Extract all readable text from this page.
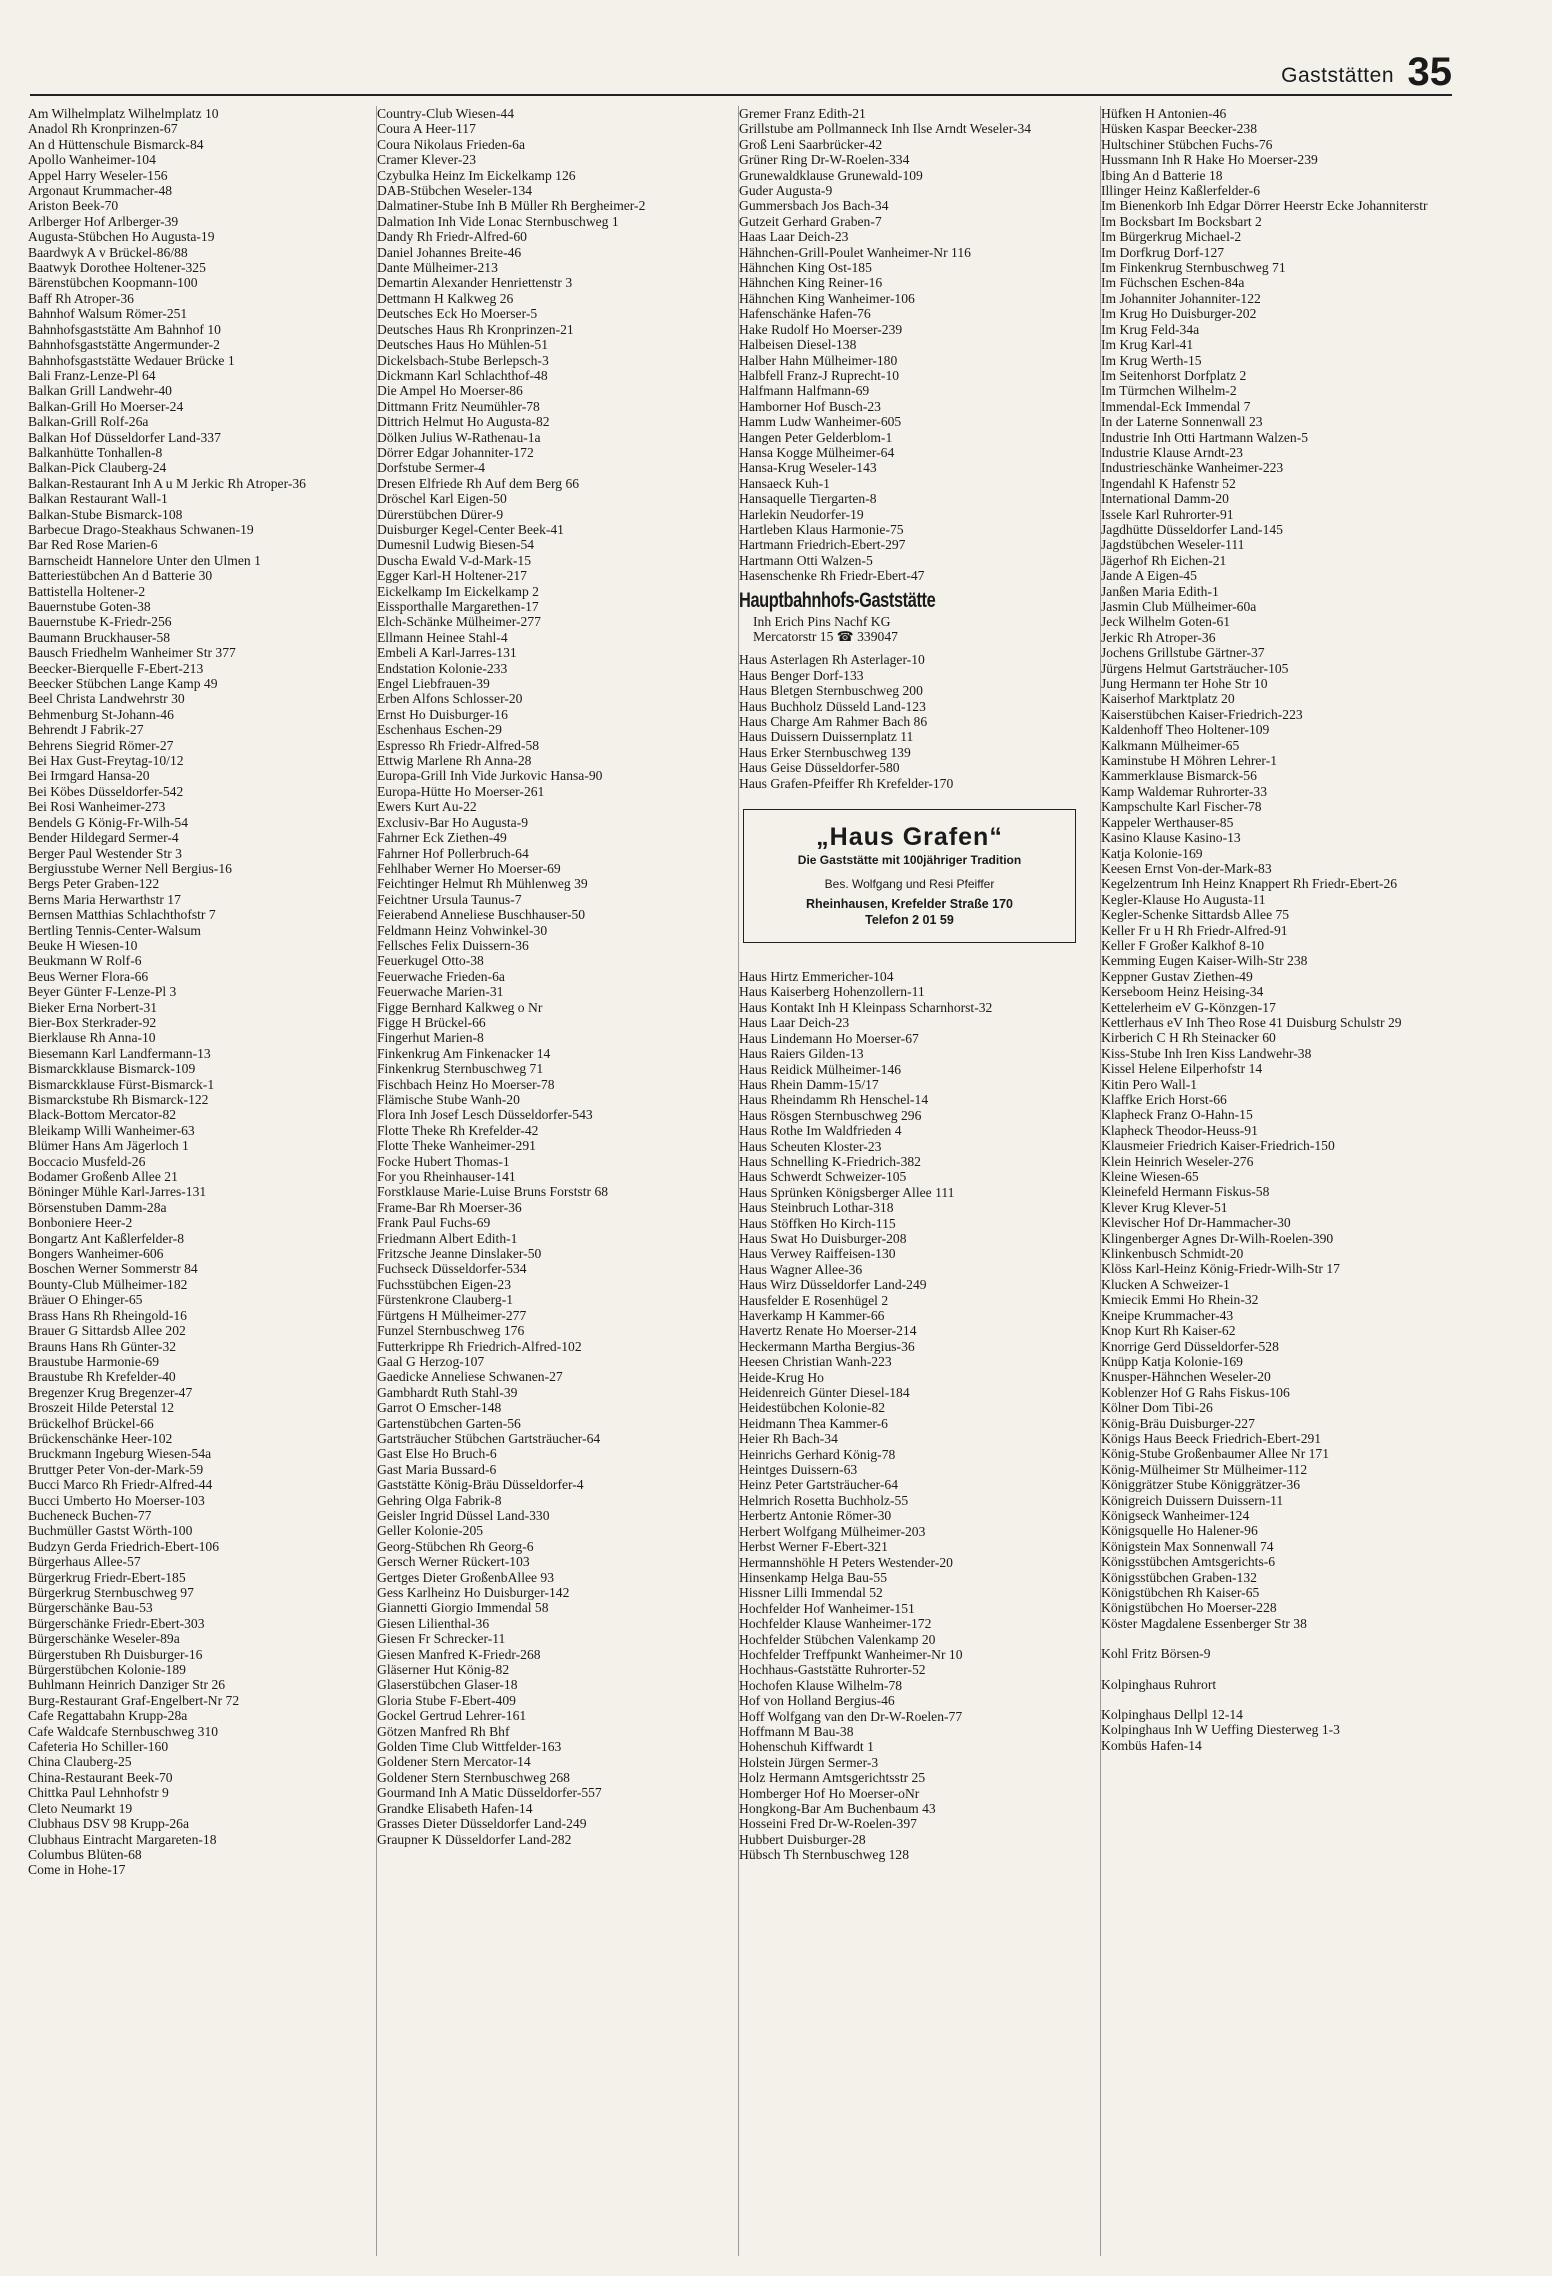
Gaststätten 35
Am Wilhelmplatz Wilhelmplatz 10
Anadol Rh Kronprinzen-67
An d Hüttenschule Bismarck-84
Apollo Wanheimer-104
Appel Harry Weseler-156
Argonaut Krummacher-48
Ariston Beek-70
Arlberger Hof Arlberger-39
Augusta-Stübchen Ho Augusta-19
Baardwyk A v Brückel-86/88
Baatwyk Dorothee Holtener-325
Bärenstübchen Koopmann-100
Baff Rh Atroper-36
Bahnhof Walsum Römer-251
Bahnhofsgaststätte Am Bahnhof 10
Bahnhofsgaststätte Angermunder-2
Bahnhofsgaststätte Wedauer Brücke 1
Bali Franz-Lenze-Pl 64
Balkan Grill Landwehr-40
Balkan-Grill Ho Moerser-24
Balkan-Grill Rolf-26a
Balkan Hof Düsseldorfer Land-337
Balkanhütte Tonhallen-8
Balkan-Pick Clauberg-24
Balkan-Restaurant Inh A u M Jerkic Rh Atroper-36
Balkan Restaurant Wall-1
Balkan-Stube Bismarck-108
Barbecue Drago-Steakhaus Schwanen-19
Bar Red Rose Marien-6
Barnscheidt Hannelore Unter den Ulmen 1
Batteriestübchen An d Batterie 30
Battistella Holtener-2
Bauernstube Goten-38
Bauernstube K-Friedr-256
Baumann Bruckhauser-58
Bausch Friedhelm Wanheimer Str 377
Beecker-Bierquelle F-Ebert-213
Beecker Stübchen Lange Kamp 49
Beel Christa Landwehrstr 30
Behmenburg St-Johann-46
Behrendt J Fabrik-27
Behrens Siegrid Römer-27
Bei Hax Gust-Freytag-10/12
Bei Irmgard Hansa-20
Bei Köbes Düsseldorfer-542
Bei Rosi Wanheimer-273
Bendels G König-Fr-Wilh-54
Bender Hildegard Sermer-4
Berger Paul Westender Str 3
Bergiusstube Werner Nell Bergius-16
Bergs Peter Graben-122
Berns Maria Herwarthstr 17
Bernsen Matthias Schlachthofstr 7
Bertling Tennis-Center-Walsum
Beuke H Wiesen-10
Beukmann W Rolf-6
Beus Werner Flora-66
Beyer Günter F-Lenze-Pl 3
Bieker Erna Norbert-31
Bier-Box Sterkrader-92
Bierklause Rh Anna-10
Biesemann Karl Landfermann-13
Bismarckklause Bismarck-109
Bismarckklause Fürst-Bismarck-1
Bismarckstube Rh Bismarck-122
Black-Bottom Mercator-82
Bleikamp Willi Wanheimer-63
Blümer Hans Am Jägerloch 1
Boccacio Musfeld-26
Bodamer Großenb Allee 21
Böninger Mühle Karl-Jarres-131
Börsenstuben Damm-28a
Bonboniere Heer-2
Bongartz Ant Kaßlerfelder-8
Bongers Wanheimer-606
Boschen Werner Sommerstr 84
Bounty-Club Mülheimer-182
Bräuer O Ehinger-65
Brass Hans Rh Rheingold-16
Brauer G Sittardsb Allee 202
Brauns Hans Rh Günter-32
Braustube Harmonie-69
Braustube Rh Krefelder-40
Bregenzer Krug Bregenzer-47
Broszeit Hilde Peterstal 12
Brückelhof Brückel-66
Brückenschänke Heer-102
Bruckmann Ingeburg Wiesen-54a
Bruttger Peter Von-der-Mark-59
Bucci Marco Rh Friedr-Alfred-44
Bucci Umberto Ho Moerser-103
Bucheneck Buchen-77
Buchmüller Gastst Wörth-100
Budzyn Gerda Friedrich-Ebert-106
Bürgerhaus Allee-57
Bürgerkrug Friedr-Ebert-185
Bürgerkrug Sternbuschweg 97
Bürgerschänke Bau-53
Bürgerschänke Friedr-Ebert-303
Bürgerschänke Weseler-89a
Bürgerstuben Rh Duisburger-16
Bürgerstübchen Kolonie-189
Buhlmann Heinrich Danziger Str 26
Burg-Restaurant Graf-Engelbert-Nr 72
Cafe Regattabahn Krupp-28a
Cafe Waldcafe Sternbuschweg 310
Cafeteria Ho Schiller-160
China Clauberg-25
China-Restaurant Beek-70
Chittka Paul Lehnhofstr 9
Cleto Neumarkt 19
Clubhaus DSV 98 Krupp-26a
Clubhaus Eintracht Margareten-18
Columbus Blüten-68
Come in Hohe-17
Country-Club Wiesen-44
Coura A Heer-117
Coura Nikolaus Frieden-6a
Cramer Klever-23
Czybulka Heinz Im Eickelkamp 126
DAB-Stübchen Weseler-134
Dalmatiner-Stube Inh B Müller Rh Bergheimer-2
Dalmation Inh Vide Lonac Sternbuschweg 1
Dandy Rh Friedr-Alfred-60
Daniel Johannes Breite-46
Dante Mülheimer-213
Demartin Alexander Henriettenstr 3
Dettmann H Kalkweg 26
Deutsches Eck Ho Moerser-5
Deutsches Haus Rh Kronprinzen-21
Deutsches Haus Ho Mühlen-51
Dickelsbach-Stube Berlepsch-3
Dickmann Karl Schlachthof-48
Die Ampel Ho Moerser-86
Dittmann Fritz Neumühler-78
Dittrich Helmut Ho Augusta-82
Dölken Julius W-Rathenau-1a
Dörrer Edgar Johanniter-172
Dorfstube Sermer-4
Dresen Elfriede Rh Auf dem Berg 66
Dröschel Karl Eigen-50
Dürerstübchen Dürer-9
Duisburger Kegel-Center Beek-41
Dumesnil Ludwig Biesen-54
Duscha Ewald V-d-Mark-15
Egger Karl-H Holtener-217
Eickelkamp Im Eickelkamp 2
Eissporthalle Margarethen-17
Elch-Schänke Mülheimer-277
Ellmann Heinee Stahl-4
Embeli A Karl-Jarres-131
Endstation Kolonie-233
Engel Liebfrauen-39
Erben Alfons Schlosser-20
Ernst Ho Duisburger-16
Eschenhaus Eschen-29
Espresso Rh Friedr-Alfred-58
Ettwig Marlene Rh Anna-28
Europa-Grill Inh Vide Jurkovic Hansa-90
Europa-Hütte Ho Moerser-261
Ewers Kurt Au-22
Exclusiv-Bar Ho Augusta-9
Fahrner Eck Ziethen-49
Fahrner Hof Pollerbruch-64
Fehlhaber Werner Ho Moerser-69
Feichtinger Helmut Rh Mühlenweg 39
Feichtner Ursula Taunus-7
Feierabend Anneliese Buschhauser-50
Feldmann Heinz Vohwinkel-30
Fellsches Felix Duissern-36
Feuerkugel Otto-38
Feuerwache Frieden-6a
Feuerwache Marien-31
Figge Bernhard Kalkweg o Nr
Figge H Brückel-66
Fingerhut Marien-8
Finkenkrug Am Finkenacker 14
Finkenkrug Sternbuschweg 71
Fischbach Heinz Ho Moerser-78
Flämische Stube Wanh-20
Flora Inh Josef Lesch Düsseldorfer-543
Flotte Theke Rh Krefelder-42
Flotte Theke Wanheimer-291
Focke Hubert Thomas-1
For you Rheinhauser-141
Forstklause Marie-Luise Bruns Forststr 68
Frame-Bar Rh Moerser-36
Frank Paul Fuchs-69
Friedmann Albert Edith-1
Fritzsche Jeanne Dinslaker-50
Fuchseck Düsseldorfer-534
Fuchsstübchen Eigen-23
Fürstenkrone Clauberg-1
Fürtgens H Mülheimer-277
Funzel Sternbuschweg 176
Futterkrippe Rh Friedrich-Alfred-102
Gaal G Herzog-107
Gaedicke Anneliese Schwanen-27
Gambhardt Ruth Stahl-39
Garrot O Emscher-148
Gartenstübchen Garten-56
Gartsträucher Stübchen Gartsträucher-64
Gast Else Ho Bruch-6
Gast Maria Bussard-6
Gaststätte König-Bräu Düsseldorfer-4
Gehring Olga Fabrik-8
Geisler Ingrid Düssel Land-330
Geller Kolonie-205
Georg-Stübchen Rh Georg-6
Gersch Werner Rückert-103
Gertges Dieter GroßenbAllee 93
Gess Karlheinz Ho Duisburger-142
Giannetti Giorgio Immendal 58
Giesen Lilienthal-36
Giesen Fr Schrecker-11
Giesen Manfred K-Friedr-268
Gläserner Hut König-82
Glaserstübchen Glaser-18
Gloria Stube F-Ebert-409
Gockel Gertrud Lehrer-161
Götzen Manfred Rh Bhf
Golden Time Club Wittfelder-163
Goldener Stern Mercator-14
Goldener Stern Sternbuschweg 268
Gourmand Inh A Matic Düsseldorfer-557
Grandke Elisabeth Hafen-14
Grasses Dieter Düsseldorfer Land-249
Graupner K Düsseldorfer Land-282
Gremer Franz Edith-21
Grillstube am Pollmanneck Inh Ilse Arndt Weseler-34
Groß Leni Saarbrücker-42
Grüner Ring Dr-W-Roelen-334
Grunewaldklause Grunewald-109
Guder Augusta-9
Gummersbach Jos Bach-34
Gutzeit Gerhard Graben-7
Haas Laar Deich-23
Hähnchen-Grill-Poulet Wanheimer-Nr 116
Hähnchen King Ost-185
Hähnchen King Reiner-16
Hähnchen King Wanheimer-106
Hafenschänke Hafen-76
Hake Rudolf Ho Moerser-239
Halbeisen Diesel-138
Halber Hahn Mülheimer-180
Halbfell Franz-J Ruprecht-10
Halfmann Halfmann-69
Hamborner Hof Busch-23
Hamm Ludw Wanheimer-605
Hangen Peter Gelderblom-1
Hansa Kogge Mülheimer-64
Hansa-Krug Weseler-143
Hansaeck Kuh-1
Hansaquelle Tiergarten-8
Harlekin Neudorfer-19
Hartleben Klaus Harmonie-75
Hartmann Friedrich-Ebert-297
Hartmann Otti Walzen-5
Hasenschenke Rh Friedr-Ebert-47
Hauptbahnhofs-Gaststätte
Inh Erich Pins Nachf KG
Mercatorstr 15 ☎ 339047
Haus Asterlagen Rh Asterlager-10
Haus Benger Dorf-133
Haus Bletgen Sternbuschweg 200
Haus Buchholz Düsseld Land-123
Haus Charge Am Rahmer Bach 86
Haus Duissern Duissernplatz 11
Haus Erker Sternbuschweg 139
Haus Geise Düsseldorfer-580
Haus Grafen-Pfeiffer Rh Krefelder-170
„Haus Grafen“
Die Gaststätte mit 100jähriger Tradition
Bes. Wolfgang und Resi Pfeiffer
Rheinhausen, Krefelder Straße 170
Telefon 2 01 59
Haus Hirtz Emmericher-104
Haus Kaiserberg Hohenzollern-11
Haus Kontakt Inh H Kleinpass Scharnhorst-32
Haus Laar Deich-23
Haus Lindemann Ho Moerser-67
Haus Raiers Gilden-13
Haus Reidick Mülheimer-146
Haus Rhein Damm-15/17
Haus Rheindamm Rh Henschel-14
Haus Rösgen Sternbuschweg 296
Haus Rothe Im Waldfrieden 4
Haus Scheuten Kloster-23
Haus Schnelling K-Friedrich-382
Haus Schwerdt Schweizer-105
Haus Sprünken Königsberger Allee 111
Haus Steinbruch Lothar-318
Haus Stöffken Ho Kirch-115
Haus Swat Ho Duisburger-208
Haus Verwey Raiffeisen-130
Haus Wagner Allee-36
Haus Wirz Düsseldorfer Land-249
Hausfelder E Rosenhügel 2
Haverkamp H Kammer-66
Havertz Renate Ho Moerser-214
Heckermann Martha Bergius-36
Heesen Christian Wanh-223
Heide-Krug Ho
Heidenreich Günter Diesel-184
Heidestübchen Kolonie-82
Heidmann Thea Kammer-6
Heier Rh Bach-34
Heinrichs Gerhard König-78
Heintges Duissern-63
Heinz Peter Gartsträucher-64
Helmrich Rosetta Buchholz-55
Herbertz Antonie Römer-30
Herbert Wolfgang Mülheimer-203
Herbst Werner F-Ebert-321
Hermannshöhle H Peters Westender-20
Hinsenkamp Helga Bau-55
Hissner Lilli Immendal 52
Hochfelder Hof Wanheimer-151
Hochfelder Klause Wanheimer-172
Hochfelder Stübchen Valenkamp 20
Hochfelder Treffpunkt Wanheimer-Nr 10
Hochhaus-Gaststätte Ruhrorter-52
Hochofen Klause Wilhelm-78
Hof von Holland Bergius-46
Hoff Wolfgang van den Dr-W-Roelen-77
Hoffmann M Bau-38
Hohenschuh Kiffwardt 1
Holstein Jürgen Sermer-3
Holz Hermann Amtsgerichtsstr 25
Homberger Hof Ho Moerser-oNr
Hongkong-Bar Am Buchenbaum 43
Hosseini Fred Dr-W-Roelen-397
Hubbert Duisburger-28
Hübsch Th Sternbuschweg 128
Hüfken H Antonien-46
Hüsken Kaspar Beecker-238
Hultschiner Stübchen Fuchs-76
Hussmann Inh R Hake Ho Moerser-239
Ibing An d Batterie 18
Illinger Heinz Kaßlerfelder-6
Im Bienenkorb Inh Edgar Dörrer Heerstr Ecke Johanniterstr
Im Bocksbart Im Bocksbart 2
Im Bürgerkrug Michael-2
Im Dorfkrug Dorf-127
Im Finkenkrug Sternbuschweg 71
Im Füchschen Eschen-84a
Im Johanniter Johanniter-122
Im Krug Ho Duisburger-202
Im Krug Feld-34a
Im Krug Karl-41
Im Krug Werth-15
Im Seitenhorst Dorfplatz 2
Im Türmchen Wilhelm-2
Immendal-Eck Immendal 7
In der Laterne Sonnenwall 23
Industrie Inh Otti Hartmann Walzen-5
Industrie Klause Arndt-23
Industrieschänke Wanheimer-223
Ingendahl K Hafenstr 52
International Damm-20
Issele Karl Ruhrorter-91
Jagdhütte Düsseldorfer Land-145
Jagdstübchen Weseler-111
Jägerhof Rh Eichen-21
Jande A Eigen-45
Janßen Maria Edith-1
Jasmin Club Mülheimer-60a
Jeck Wilhelm Goten-61
Jerkic Rh Atroper-36
Jochens Grillstube Gärtner-37
Jürgens Helmut Gartsträucher-105
Jung Hermann ter Hohe Str 10
Kaiserhof Marktplatz 20
Kaiserstübchen Kaiser-Friedrich-223
Kaldenhoff Theo Holtener-109
Kalkmann Mülheimer-65
Kaminstube H Möhren Lehrer-1
Kammerklause Bismarck-56
Kamp Waldemar Ruhrorter-33
Kampschulte Karl Fischer-78
Kappeler Werthauser-85
Kasino Klause Kasino-13
Katja Kolonie-169
Keesen Ernst Von-der-Mark-83
Kegelzentrum Inh Heinz Knappert Rh Friedr-Ebert-26
Kegler-Klause Ho Augusta-11
Kegler-Schenke Sittardsb Allee 75
Keller Fr u H Rh Friedr-Alfred-91
Keller F Großer Kalkhof 8-10
Kemming Eugen Kaiser-Wilh-Str 238
Keppner Gustav Ziethen-49
Kerseboom Heinz Heising-34
Kettelerheim eV G-Könzgen-17
Kettlerhaus eV Inh Theo Rose 41 Duisburg Schulstr 29
Kirberich C H Rh Steinacker 60
Kiss-Stube Inh Iren Kiss Landwehr-38
Kissel Helene Eilperhofstr 14
Kitin Pero Wall-1
Klaffke Erich Horst-66
Klapheck Franz O-Hahn-15
Klapheck Theodor-Heuss-91
Klausmeier Friedrich Kaiser-Friedrich-150
Klein Heinrich Weseler-276
Kleine Wiesen-65
Kleinefeld Hermann Fiskus-58
Klever Krug Klever-51
Klevischer Hof Dr-Hammacher-30
Klingenberger Agnes Dr-Wilh-Roelen-390
Klinkenbusch Schmidt-20
Klöss Karl-Heinz König-Friedr-Wilh-Str 17
Klucken A Schweizer-1
Kmiecik Emmi Ho Rhein-32
Kneipe Krummacher-43
Knop Kurt Rh Kaiser-62
Knorrige Gerd Düsseldorfer-528
Knüpp Katja Kolonie-169
Knusper-Hähnchen Weseler-20
Koblenzer Hof G Rahs Fiskus-106
Kölner Dom Tibi-26
König-Bräu Duisburger-227
Königs Haus Beeck Friedrich-Ebert-291
König-Stube Großenbaumer Allee Nr 171
König-Mülheimer Str Mülheimer-112
Königgrätzer Stube Königgrätzer-36
Königreich Duissern Duissern-11
Königseck Wanheimer-124
Königsquelle Ho Halener-96
Königstein Max Sonnenwall 74
Königsstübchen Amtsgerichts-6
Königsstübchen Graben-132
Königstübchen Rh Kaiser-65
Königstübchen Ho Moerser-228
Köster Magdalene Essenberger Str 38
Kohl Fritz Börsen-9
Kolpinghaus Ruhrort
Kolpinghaus Dellpl 12-14
Kolpinghaus Inh W Ueffing Diesterweg 1-3
Kombüs Hafen-14
